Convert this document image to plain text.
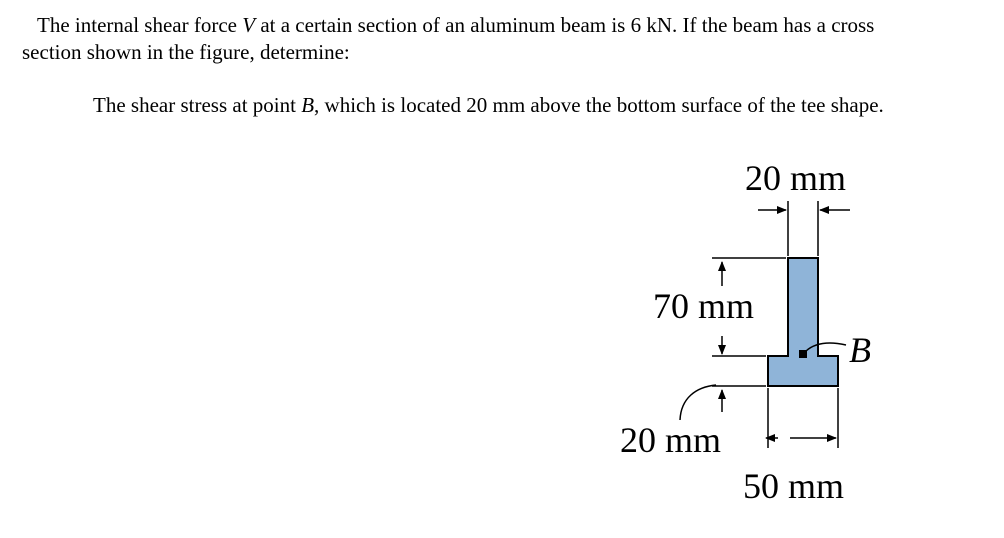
The internal shear force V at a certain section of an aluminum beam is 6 kN. If the beam has a cross

section shown in the figure, determine:

The shear stress at point B, which is located 20 mm above the bottom surface of the tee shape.

20 mm
70 mm
20 mm
50 mm
B
